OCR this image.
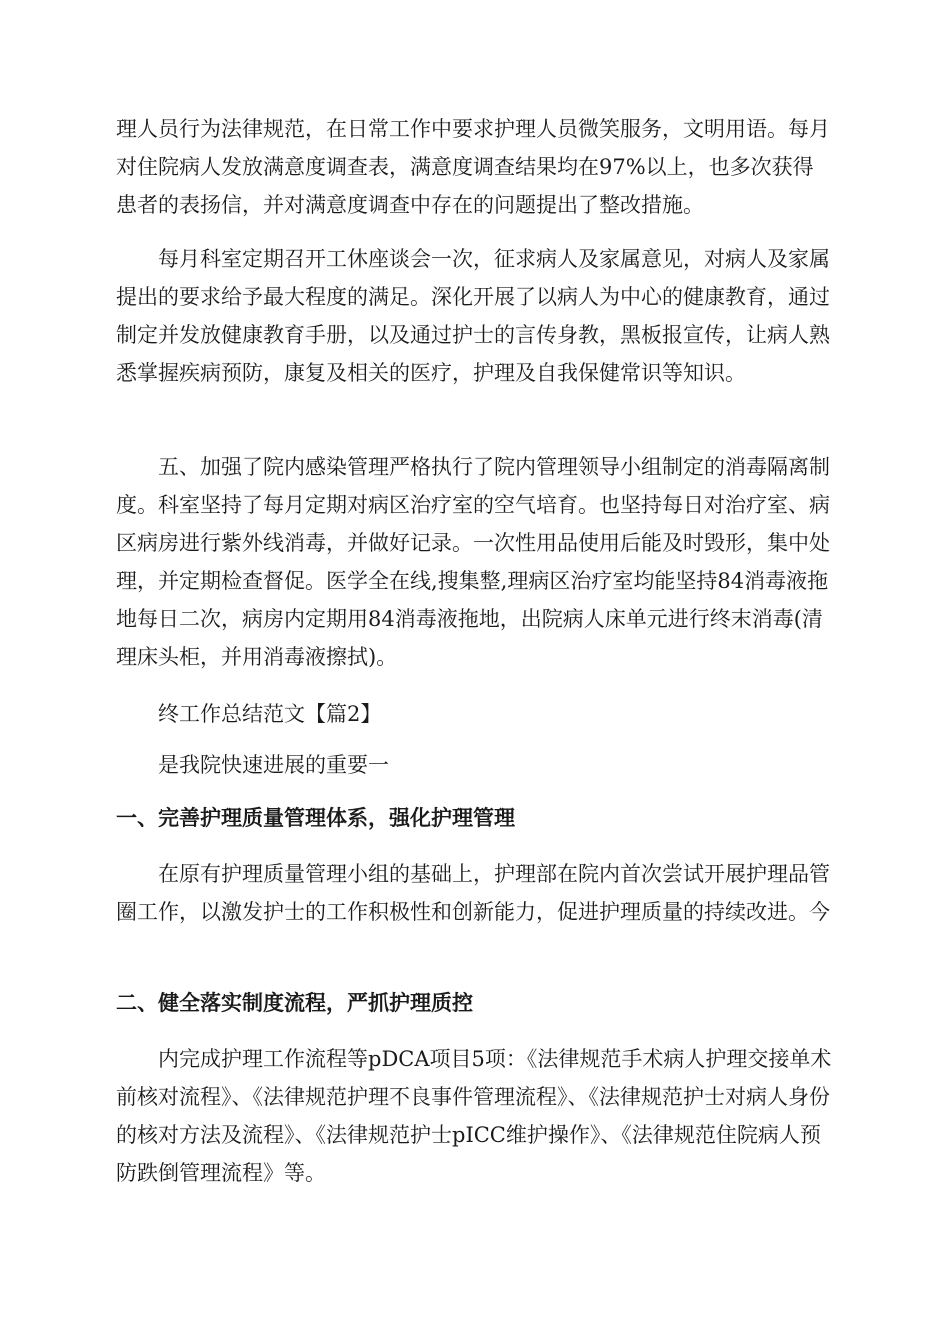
理人员行为法律规范，在日常工作中要求护理人员微笑服务，文明用语。每月对住院病人发放满意度调查表，满意度调查结果均在97%以上，也多次获得患者的表扬信，并对满意度调查中存在的问题提出了整改措施。

每月科室定期召开工休座谈会一次，征求病人及家属意见，对病人及家属提出的要求给予最大程度的满足。深化开展了以病人为中心的健康教育，通过制定并发放健康教育手册，以及通过护士的言传身教，黑板报宣传，让病人熟悉掌握疾病预防，康复及相关的医疗，护理及自我保健常识等知识。

五、加强了院内感染管理严格执行了院内管理领导小组制定的消毒隔离制度。科室坚持了每月定期对病区治疗室的空气培育。也坚持每日对治疗室、病区病房进行紫外线消毒，并做好记录。一次性用品使用后能及时毁形，集中处理，并定期检查督促。医学全在线,搜集整,理病区治疗室均能坚持84消毒液拖地每日二次，病房内定期用84消毒液拖地，出院病人床单元进行终末消毒(清理床头柜，并用消毒液擦拭)。

终工作总结范文【篇2】

是我院快速进展的重要一

一、完善护理质量管理体系，强化护理管理

在原有护理质量管理小组的基础上，护理部在院内首次尝试开展护理品管圈工作，以激发护士的工作积极性和创新能力，促进护理质量的持续改进。今

二、健全落实制度流程，严抓护理质控

内完成护理工作流程等pDCA项目5项：《法律规范手术病人护理交接单术前核对流程》、《法律规范护理不良事件管理流程》、《法律规范护士对病人身份的核对方法及流程》、《法律规范护士pICC维护操作》、《法律规范住院病人预防跌倒管理流程》等。
